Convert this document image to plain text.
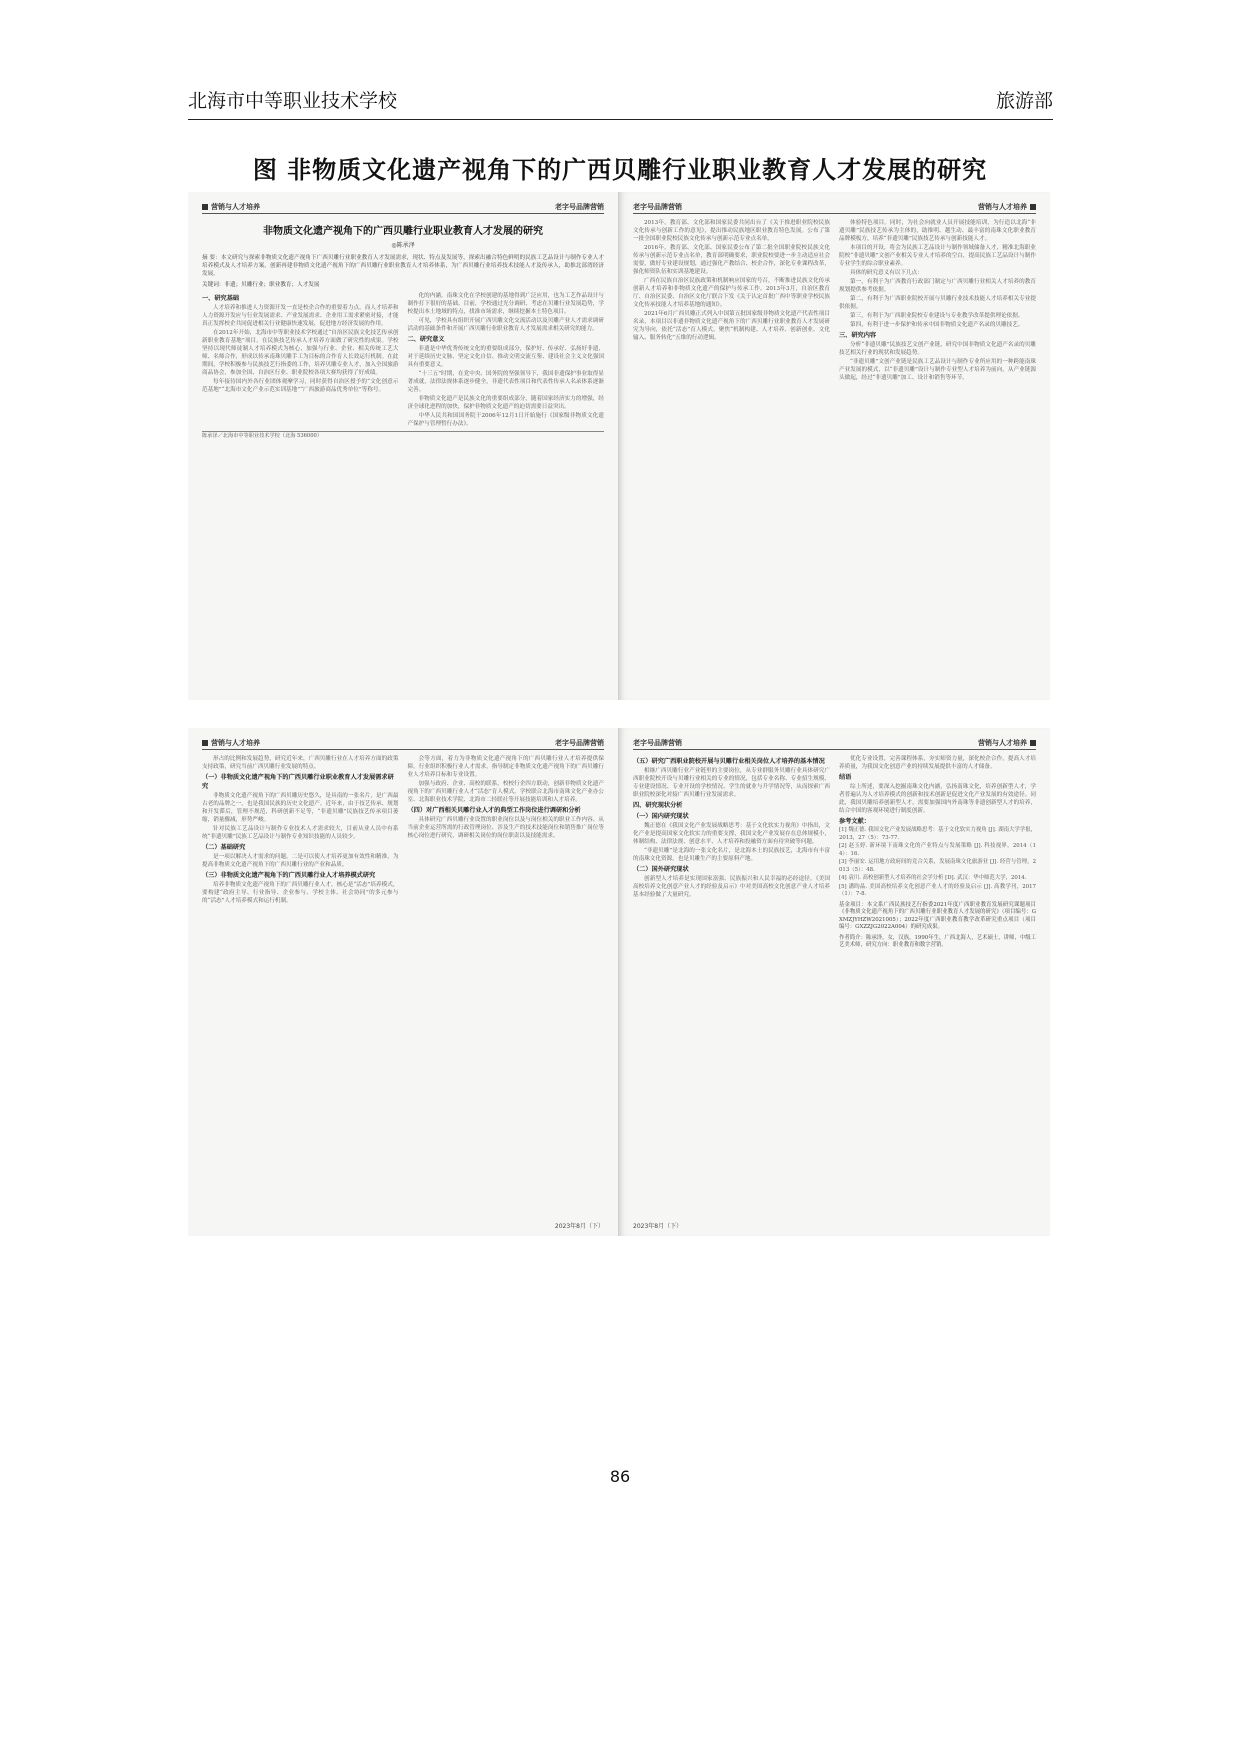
北海市中等职业技术学校	旅游部
图 非物质文化遗产视角下的广西贝雕行业职业教育人才发展的研究
营销与人才培养	老字号品牌营销
非物质文化遗产视角下的广西贝雕行业职业教育人才发展的研究
◎陈承泽
摘 要：本文研究与探索非物质文化遗产视角下广西贝雕行业职业教育人才发展需求，现状、特点及发展等，探索出融合特色鲜明的民族工艺品设计与制作专业人才培养模式及人才培养方案，创新再建非物质文化遗产视角下的广西贝雕行业职业教育人才培养体系，为广西贝雕行业培养技术技能人才及传承人，助推北部湾经济发展。
关键词：非遗；贝雕行业；职业教育；人才发展
一、研究基础
人才培养和推进人力资源开发一直是校企合作的重要着力点。而人才培养和人力资源开发应与行业发展需求、产业发展需求、企业用工需求紧密对接，才能真正发挥校企共同促进相关行业健康快速发展，促进地方经济发展的作用。
在2012年开始，北海市中等职业技术学校通过“自治区民族文化技艺传承创新职业教育基地”项目，在民族技艺传承人才培养方面做了研究性的成果。学校坚持以现代师徒制人才培养模式为核心，加强与行业、企业、相关传统工艺大师、名师合作，形成以传承南珠贝雕手工为目标的合作育人长效运行机制。在此期间，学校积极参与民族技艺行指委的工作，培养贝雕专业人才，加入全国旅游商品协会，参加全国、自治区行业、职业院校各项大赛均获得了好成绩。
每年接待国内外各行业团体观摩学习，同时获得自治区授予的“文化创意示范基地”“北海市文化产业示范实训基地”“广西旅游商品优秀单位”等称号。
化的内涵。南珠文化在学校创建的基地得到广泛应用，也为工艺作品设计与制作打下很好的基础。目前，学校通过光分调研、考虑在贝雕行业发展趋势，学校提出本土地域的特点，找准市场需求，继续挖掘本土特色项目。
可见，学校具有组织开展广西贝雕文化交流活动以及贝雕产业人才需求调研活动的基础条件和开展广西贝雕行业职业教育人才发展需求相关研究的能力。
二、研究意义
非遗是中华优秀传统文化的重要组成部分，保护好、传承好、弘扬好非遗，对于延续历史文脉、坚定文化自信、推动文明交流互鉴、建设社会主义文化强国具有重要意义。
“十三五”时期，在党中央、国务院的坚强领导下，我国非遗保护事业取得显著成就，法律法规体系逐步健全，非遗代表性项目和代表性传承人名录体系逐渐完善。
非物质文化遗产是民族文化的重要组成部分，随着国家经济实力的增强，经济全球化进程的加快，保护非物质文化遗产的迫切需要日益突出。
中华人民共和国国务院于2006年12月1日开始施行《国家级非物质文化遗产保护与管理暂行办法》。
陈承泽／北海市中等职业技术学校（北海 536000）
老字号品牌营销	营销与人才培养
2013年，教育部、文化部和国家民委共同出台了《关于推进职业院校民族文化传承与创新工作的意见》，提出推动民族地区职业教育特色发展。公布了第一批全国职业院校民族文化传承与创新示范专业点名单。
2016年，教育部、文化部、国家民委公布了第二批全国职业院校民族文化传承与创新示范专业点名单，教育部明确要求，职业院校要进一步主动适应社会需要，做好专业建设规划，通过强化产教结合、校企合作，深化专业课程改革，强化师资队伍和实训基地建设。
广西在民族自治区民族政策和机制响应国家的号召，不断推进民族文化传承创新人才培养和非物质文化遗产的保护与传承工作。2013年3月，自治区教育厅、自治区民委、自治区文化厅联合下发《关于认定首批广西中等职业学校民族文化传承技能人才培养基地的通知》。
2021年6月广西贝雕正式列入中国第五批国家级非物质文化遗产代表性项目名录，本项目以非遗非物质文化遗产视角下的广西贝雕行业职业教育人才发展研究为导向，依托“活态”育人模式，聚焦“机制构建、人才培养、创新创业、文化输入、服务转化”五维的行动逻辑。
体验特色项目。同时，为社会向就业人员开展技能培训，为行造以北海“非遗贝雕”民族技艺传承为主体的，助推明、越生动、最丰富的南珠文化职业教育品牌模板方，培养“非遗贝雕”民族技艺传承与创新技能人才。
本项目的开设，将会为民族工艺品设计与制作领域储备人才，精准北海职业院校“非遗贝雕”文创产业相关专业人才培养的空白，提高民族工艺品设计与制作专业学生的综合职业素养。
具体的研究意义有以下几点：
第一，有利于为广西教育行政部门制定与广西贝雕行业相关人才培养的教育规划提供参考依据。
第二，有利于为广西职业院校开展与贝雕行业技术技能人才培养相关专业提供依据。
第三，有利于为广西职业院校专业建设与专业教学改革提供理论依据。
第四，有利于进一步保护和传承中国非物质文化遗产名录的贝雕技艺。
三、研究内容
分析“非遗贝雕”民族技艺文创产业链，研究中国非物质文化遗产名录的贝雕技艺相关行业的现状和发展趋势。
“非遗贝雕”文创产业链是民族工艺品设计与制作专业所应用的一种跨能南珠产业发展的模式，以“非遗贝雕”设计与制作专业型人才培养为前向，从产业链源头做起，经过“非遗贝雕”加工、设计和销售等环节。
营销与人才培养	老字号品牌营销
形占的比例和发展趋势，研究近年来，广西贝雕行业在人才培养方面的政策支持政策，研究当前广西贝雕行业发展的特点。
（一）非物质文化遗产视角下的广西贝雕行业职业教育人才发展需求研究
非物质文化遗产视角下的广西贝雕历史悠久，是具南的一张名片，是广西最古老的品牌之一，也是我国民族的历史文化遗产。近年来，由于技艺传承、规划和开发滞后，管理不规范，科研创新不足等，“非遗贝雕”民族技艺传承项目萎缩，销量骤减，形势严峻。
针对民族工艺品设计与制作专业技术人才需求较大，目前从业人员中有系统“非遗贝雕”民族工艺品设计与制作专业知识技能的人员较少。
（二）基础研究
是一项以解决人才需求的问题。二是可以使人才培养更加有效性和精准，为提高非物质文化遗产视角下的广西贝雕行业的产业和品质。
（三）非物质文化遗产视角下的广西贝雕行业人才培养模式研究
培养非物质文化遗产视角下的广西贝雕行业人才，核心是“活态”培养模式，要构建“政府主导、行业指导、企业参与、学校主体、社会协同”的多元参与的“活态”人才培养模式和运行机制。
会等方面，着力为非物质文化遗产视角下的广西贝雕行业人才培养提供保障。行业组织积极行业人才需求，指导制定非物质文化遗产视角下的广西贝雕行业人才培养目标和专业设置。
加强与政府、企业、高校的联系，校校行企四方联动，创新非物质文化遗产视角下的广西贝雕行业人才“活态”育人模式。学校联合北海市南珠文化产业办公室、北海职业技术学院、北海市二轻联社等开展技能培训和人才培养。
（四）对广西相关贝雕行业人才的典型工作岗位进行调研和分析
具体研究广西贝雕行业设置的职业岗位以及与岗位相关的职业工作内容、从当前企业运营所需的行政管理岗位、涉及生产的技术技能岗位和销售推广岗位等核心岗位进行研究，调研相关岗位的岗位职责以及技能需求。
2023年8月（下）
老字号品牌营销	营销与人才培养
（五）研究广西职业院校开展与贝雕行业相关岗位人才培养的基本情况
相继广西贝雕行业产业链里的主要岗位，从专业群服务贝雕行业具体研究广西职业院校开设与贝雕行业相关的专业的情况，包括专业名称、专业招生规模、专业建设情况、专业开设的学校情况、学生的就业与升学情况等，从而探索广西职业院校深化对接广西贝雕行业发展需求。
四、研究现状分析
（一）国内研究现状
魏正德在《我国文化产业发展战略思考：基于文化软实力视角》中指出，文化产业是提高国家文化软实力的重要支撑，我国文化产业发展存在总体规模小，体制结构、法律法规、创意水平、人才培养和投融资方面有待突破等问题。
“非遗贝雕”是北海的一张文化名片，是北海本土的民族技艺，北海市有丰富的南珠文化资源，也是贝雕生产的主要原料产地。
（二）国外研究现状
创新型人才培养是实现国家富强、民族振兴和人民幸福的必经途径。《美国高校培养文化创意产业人才的经验及启示》中对美国高校文化创意产业人才培养基本经验做了大量研究。
优化专业设置，完善课程体系，夯实师资力量，深化校企合作，提高人才培养质量，为我国文化创意产业的持续发展提供丰富的人才储备。
结语
综上所述，要深入挖掘南珠文化内涵，弘扬南珠文化，培养创新型人才，学者普遍认为人才培养模式的创新和技术创新是促进文化产业发展的有效途径。同此，我国贝雕培养创新型人才，需要加强国内外南珠等非遗创新型人才的培养，结合中国的客观环境进行制度创新。
参考文献：
[1] 魏正德. 我国文化产业发展战略思考：基于文化软实力视角 [J]. 湖南大学学报，2013，27（5）：73-77.
[2] 赵玉婷. 新环境下南珠文化的产业特点与发展策略 [J]. 科技视界，2014（14）：16.
[3] 李丽安. 运用地方政府间的竞合关系，发展南珠文化旅游业 [J]. 经营与管理，2013（5）：48.
[4] 袁川. 高校创新型人才培养的社会学分析 [D]. 武汉：华中师范大学，2014.
[5] 潘昀晶. 美国高校培养文化创意产业人才的经验及启示 [J]. 高教学刊，2017（1）：7-8.
基金项目：本文系广西民族技艺行指委2021年度广西职业教育发展研究课题项目《非物质文化遗产视角下的广西贝雕行业职业教育人才发展的研究》（项目编号：GXMZJYHZW2021005）；2022年度广西职业教育教学改革研究重点项目（项目编号：GXZZJG2022A004）的研究成果。
作者简介：陈承泽，女，汉族，1990年生，广西北海人，艺术硕士，讲师，中级工艺美术师，研究方向：职业教育和数字营销。
2023年8月（下）
86
